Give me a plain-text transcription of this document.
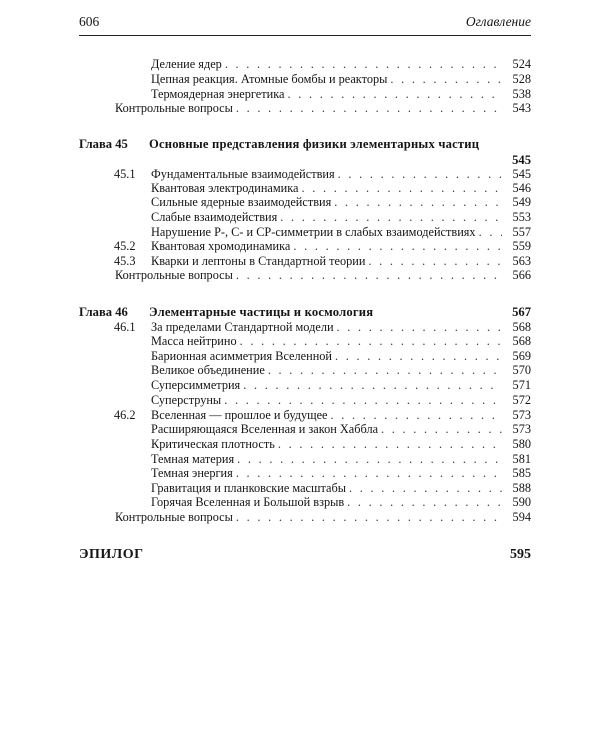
606	Оглавление
Деление ядер . . .	524
Цепная реакция. Атомные бомбы и реакторы . . .	528
Термоядерная энергетика . . .	538
Контрольные вопросы . . .	543
Глава 45 Основные представления физики элементарных частиц
545
45.1 Фундаментальные взаимодействия . . .	545
Квантовая электродинамика . . .	546
Сильные ядерные взаимодействия . . .	549
Слабые взаимодействия . . .	553
Нарушение P-, C- и CP-симметрии в слабых взаимодействиях . . .	557
45.2 Квантовая хромодинамика . . .	559
45.3 Кварки и лептоны в Стандартной теории . . .	563
Контрольные вопросы . . .	566
Глава 46 Элементарные частицы и космология	567
46.1 За пределами Стандартной модели . . .	568
Масса нейтрино . . .	568
Барионная асимметрия Вселенной . . .	569
Великое объединение . . .	570
Суперсимметрия . . .	571
Суперструны . . .	572
46.2 Вселенная — прошлое и будущее . . .	573
Расширяющаяся Вселенная и закон Хаббла . . .	573
Критическая плотность . . .	580
Темная материя . . .	581
Темная энергия . . .	585
Гравитация и планковские масштабы . . .	588
Горячая Вселенная и Большой взрыв . . .	590
Контрольные вопросы . . .	594
ЭПИЛОГ	595
